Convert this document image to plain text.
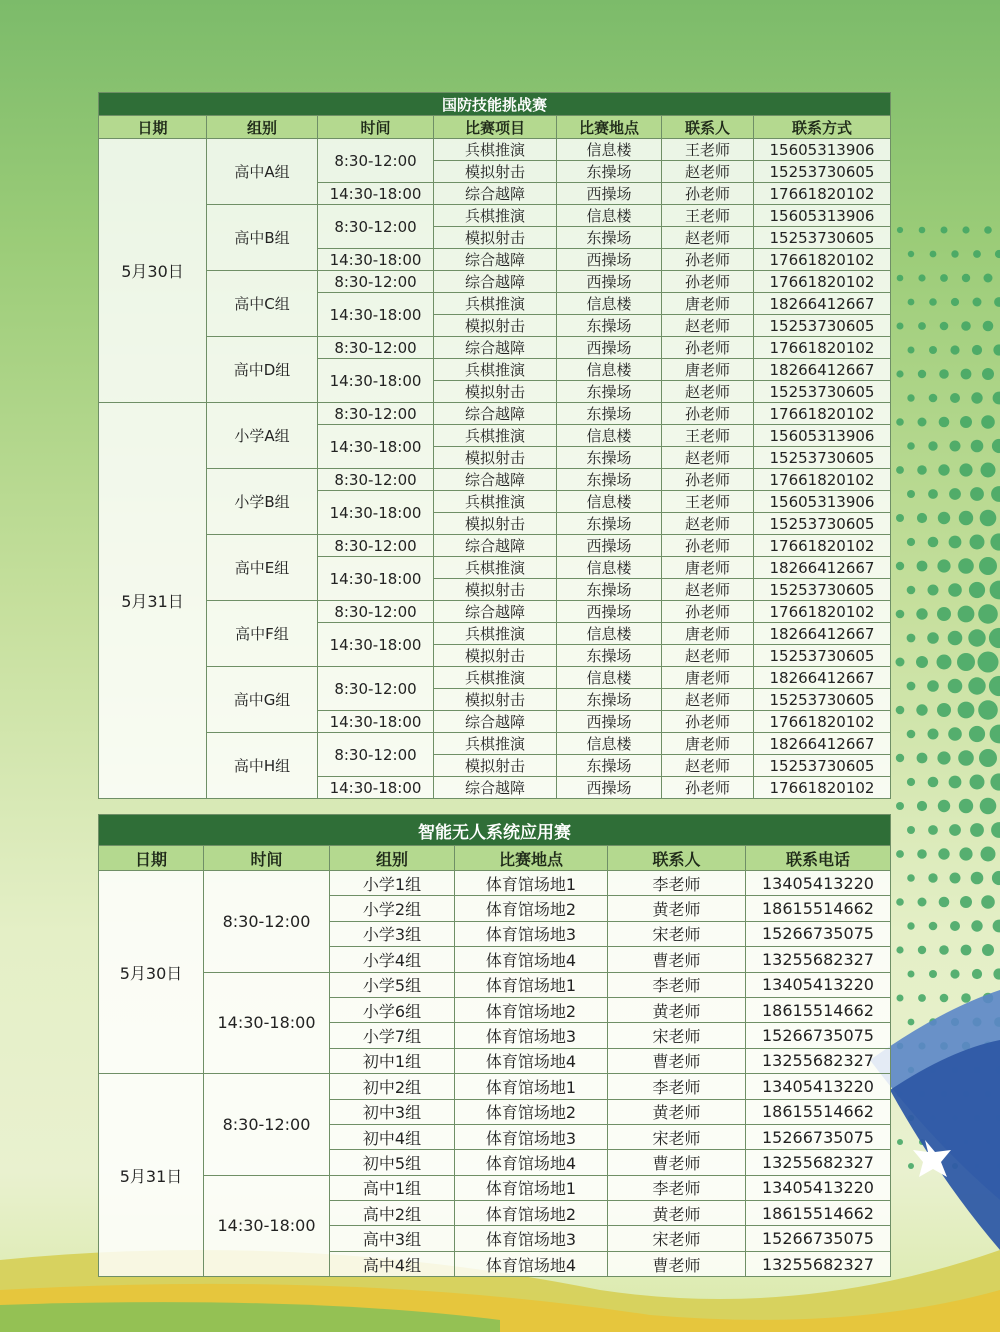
国防技能挑战赛						
日期	组别	时间	比赛项目	比赛地点	联系人	联系方式
5月30日	高中A组	8:30-12:00	兵棋推演	信息楼	王老师	15605313906
			模拟射击	东操场	赵老师	15253730605
		14:30-18:00	综合越障	西操场	孙老师	17661820102
	高中B组	8:30-12:00	兵棋推演	信息楼	王老师	15605313906
			模拟射击	东操场	赵老师	15253730605
		14:30-18:00	综合越障	西操场	孙老师	17661820102
	高中C组	8:30-12:00	综合越障	西操场	孙老师	17661820102
		14:30-18:00	兵棋推演	信息楼	唐老师	18266412667
			模拟射击	东操场	赵老师	15253730605
	高中D组	8:30-12:00	综合越障	西操场	孙老师	17661820102
		14:30-18:00	兵棋推演	信息楼	唐老师	18266412667
			模拟射击	东操场	赵老师	15253730605
5月31日	小学A组	8:30-12:00	综合越障	东操场	孙老师	17661820102
		14:30-18:00	兵棋推演	信息楼	王老师	15605313906
			模拟射击	东操场	赵老师	15253730605
	小学B组	8:30-12:00	综合越障	东操场	孙老师	17661820102
		14:30-18:00	兵棋推演	信息楼	王老师	15605313906
			模拟射击	东操场	赵老师	15253730605
	高中E组	8:30-12:00	综合越障	西操场	孙老师	17661820102
		14:30-18:00	兵棋推演	信息楼	唐老师	18266412667
			模拟射击	东操场	赵老师	15253730605
	高中F组	8:30-12:00	综合越障	西操场	孙老师	17661820102
		14:30-18:00	兵棋推演	信息楼	唐老师	18266412667
			模拟射击	东操场	赵老师	15253730605
	高中G组	8:30-12:00	兵棋推演	信息楼	唐老师	18266412667
			模拟射击	东操场	赵老师	15253730605
		14:30-18:00	综合越障	西操场	孙老师	17661820102
	高中H组	8:30-12:00	兵棋推演	信息楼	唐老师	18266412667
			模拟射击	东操场	赵老师	15253730605
		14:30-18:00	综合越障	西操场	孙老师	17661820102
智能无人系统应用赛					
日期	时间	组别	比赛地点	联系人	联系电话
5月30日	8:30-12:00	小学1组	体育馆场地1	李老师	13405413220
		小学2组	体育馆场地2	黄老师	18615514662
		小学3组	体育馆场地3	宋老师	15266735075
		小学4组	体育馆场地4	曹老师	13255682327
	14:30-18:00	小学5组	体育馆场地1	李老师	13405413220
		小学6组	体育馆场地2	黄老师	18615514662
		小学7组	体育馆场地3	宋老师	15266735075
		初中1组	体育馆场地4	曹老师	13255682327
5月31日	8:30-12:00	初中2组	体育馆场地1	李老师	13405413220
		初中3组	体育馆场地2	黄老师	18615514662
		初中4组	体育馆场地3	宋老师	15266735075
		初中5组	体育馆场地4	曹老师	13255682327
	14:30-18:00	高中1组	体育馆场地1	李老师	13405413220
		高中2组	体育馆场地2	黄老师	18615514662
		高中3组	体育馆场地3	宋老师	15266735075
		高中4组	体育馆场地4	曹老师	13255682327
